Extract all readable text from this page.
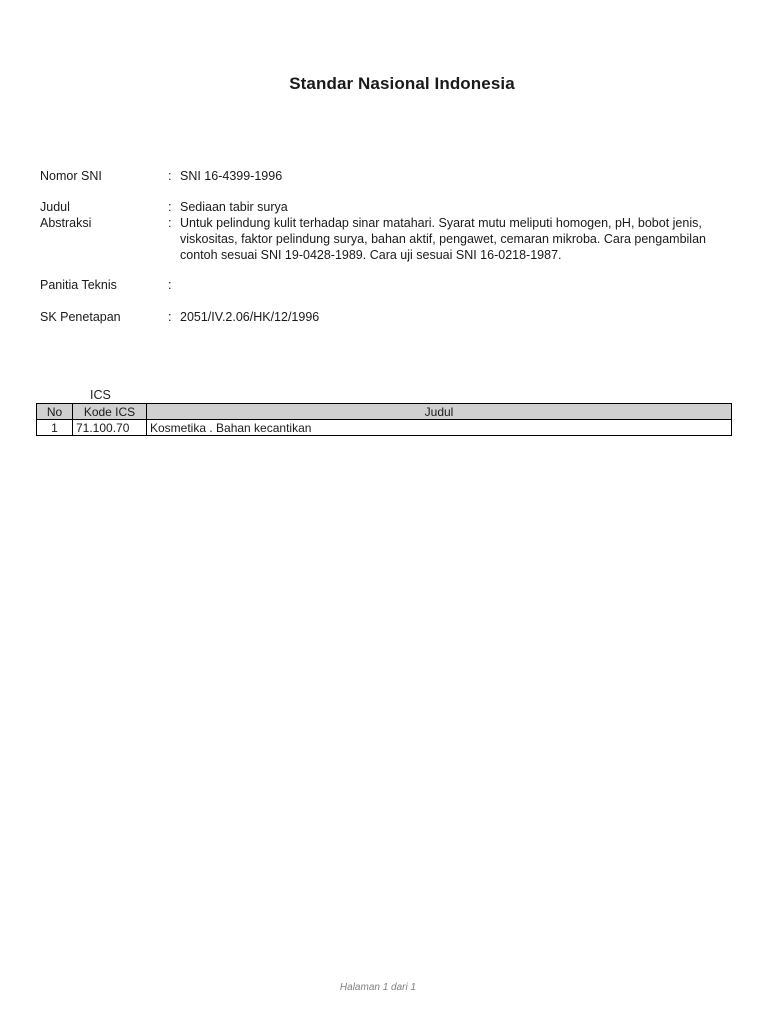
Standar Nasional Indonesia
Nomor SNI	: SNI 16-4399-1996
Judul	: Sediaan tabir surya
Abstraksi	: Untuk pelindung kulit terhadap sinar matahari. Syarat mutu meliputi homogen, pH, bobot jenis, viskositas, faktor pelindung surya, bahan aktif, pengawet, cemaran mikroba. Cara pengambilan contoh sesuai SNI 19-0428-1989. Cara uji sesuai SNI 16-0218-1987.
Panitia Teknis	:
SK Penetapan	: 2051/IV.2.06/HK/12/1996
ICS
No	Kode ICS	Judul
1	71.100.70	Kosmetika . Bahan kecantikan
Halaman 1 dari 1
